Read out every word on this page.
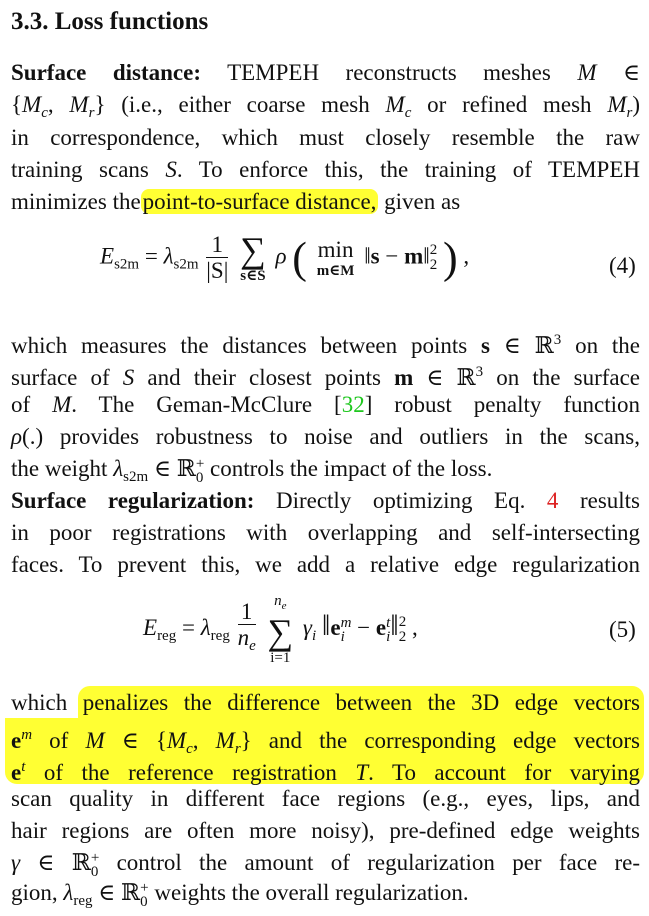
3.3. Loss functions
Surface distance: TEMPEH reconstructs meshes M ∈
{$M_c$, $M_r$} (i.e., either coarse mesh $M_c$ or refined mesh $M_r$)
in correspondence, which must closely resemble the raw
training scans S. To enforce this, the training of TEMPEH
minimizes thepoint-to-surface distance, given as
$E_{s2m} = \lambda_{s2m} \frac{1}{|S|}$
∑
s∈S
ρ ( min
m∈M
‖s − m‖2
2 ) ,	(4)
which measures the distances between points s ∈ ℝ$^3$ on the
surface of S and their closest points m ∈ ℝ$^3$ on the surface
of M. The Geman-McClure [32] robust penalty function
ρ(.) provides robustness to noise and outliers in the scans,
the weight $\lambda_{s2m}$ ∈ ℝ+
0 controls the impact of the loss.
Surface regularization: Directly optimizing Eq. 4 results
in poor registrations with overlapping and self-intersecting
faces. To prevent this, we add a relative edge regularization
$E_{reg} = \lambda_{reg} \frac{1}{n_e}$
	$n_e$
∑
i=1
$\gamma_i$ ‖em
i − et
i‖2
2 ,	(5)
which penalizes the difference between the 3D edge vectors
$e^m$ of M ∈ {$M_c$, $M_r$} and the corresponding edge vectors
$e^t$ of the reference registration T. To account for varying
scan quality in different face regions (e.g., eyes, lips, and
hair regions are often more noisy), pre-defined edge weights
γ ∈ ℝ+
0 control the amount of regularization per face re-
gion, $\lambda_{reg}$ ∈ ℝ+
0 weights the overall regularization.
